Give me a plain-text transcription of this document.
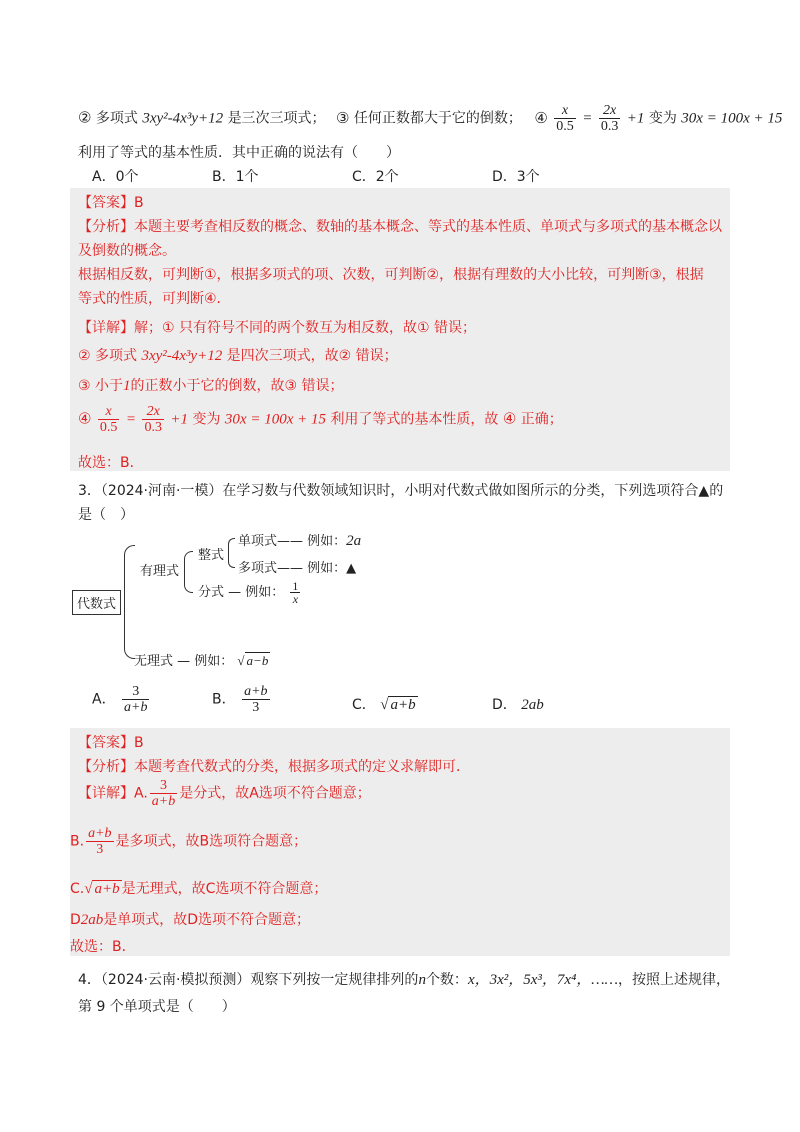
② 多项式 3xy²-4x³y+12 是三次三项式； ③ 任何正数都大于它的倒数； ④ $\frac{x}{0.5} = \frac{2x}{0.3} +1$ 变为 30x = 100x + 15
利用了等式的基本性质．其中正确的说法有（　　）
A．0个	B．1个	C．2个	D．3个
【答案】B
【分析】本题主要考查相反数的概念、数轴的基本概念、等式的基本性质、单项式与多项式的基本概念以
及倒数的概念。
根据相反数，可判断①，根据多项式的项、次数，可判断②，根据有理数的大小比较，可判断③，根据
等式的性质，可判断④．
【详解】解；① 只有符号不同的两个数互为相反数，故① 错误；
② 多项式 3xy²-4x³y+12 是四次三项式，故② 错误；
③ 小于1的正数小于它的倒数，故③ 错误；
④ $\frac{x}{0.5} = \frac{2x}{0.3} +1$ 变为 30x = 100x + 15 利用了等式的基本性质，故 ④ 正确；
故选：B．
3．（2024·河南·一模）在学习数与代数领域知识时，小明对代数式做如图所示的分类，下列选项符合▲的
是（　）
代数式
有理式
整式
单项式—— 例如：2a
多项式—— 例如：▲
分式 — 例如： $\frac{1}{x}$
无理式 — 例如： √ a−b
A． $\frac{3}{a+b}$	B． $\frac{a+b}{3}$	C． √ a+b	D． 2ab
【答案】B
【分析】本题考查代数式的分类，根据多项式的定义求解即可．
【详解】A. $\frac{3}{a+b}$ 是分式，故A选项不符合题意；
B. $\frac{a+b}{3}$ 是多项式，故B选项符合题意；
C.√ a+b 是无理式，故C选项不符合题意；
D2ab是单项式，故D选项不符合题意；
故选：B．
4．（2024·云南·模拟预测）观察下列按一定规律排列的n个数：x，3x²，5x³，7x⁴，……，按照上述规律，
第 9 个单项式是（　　）
